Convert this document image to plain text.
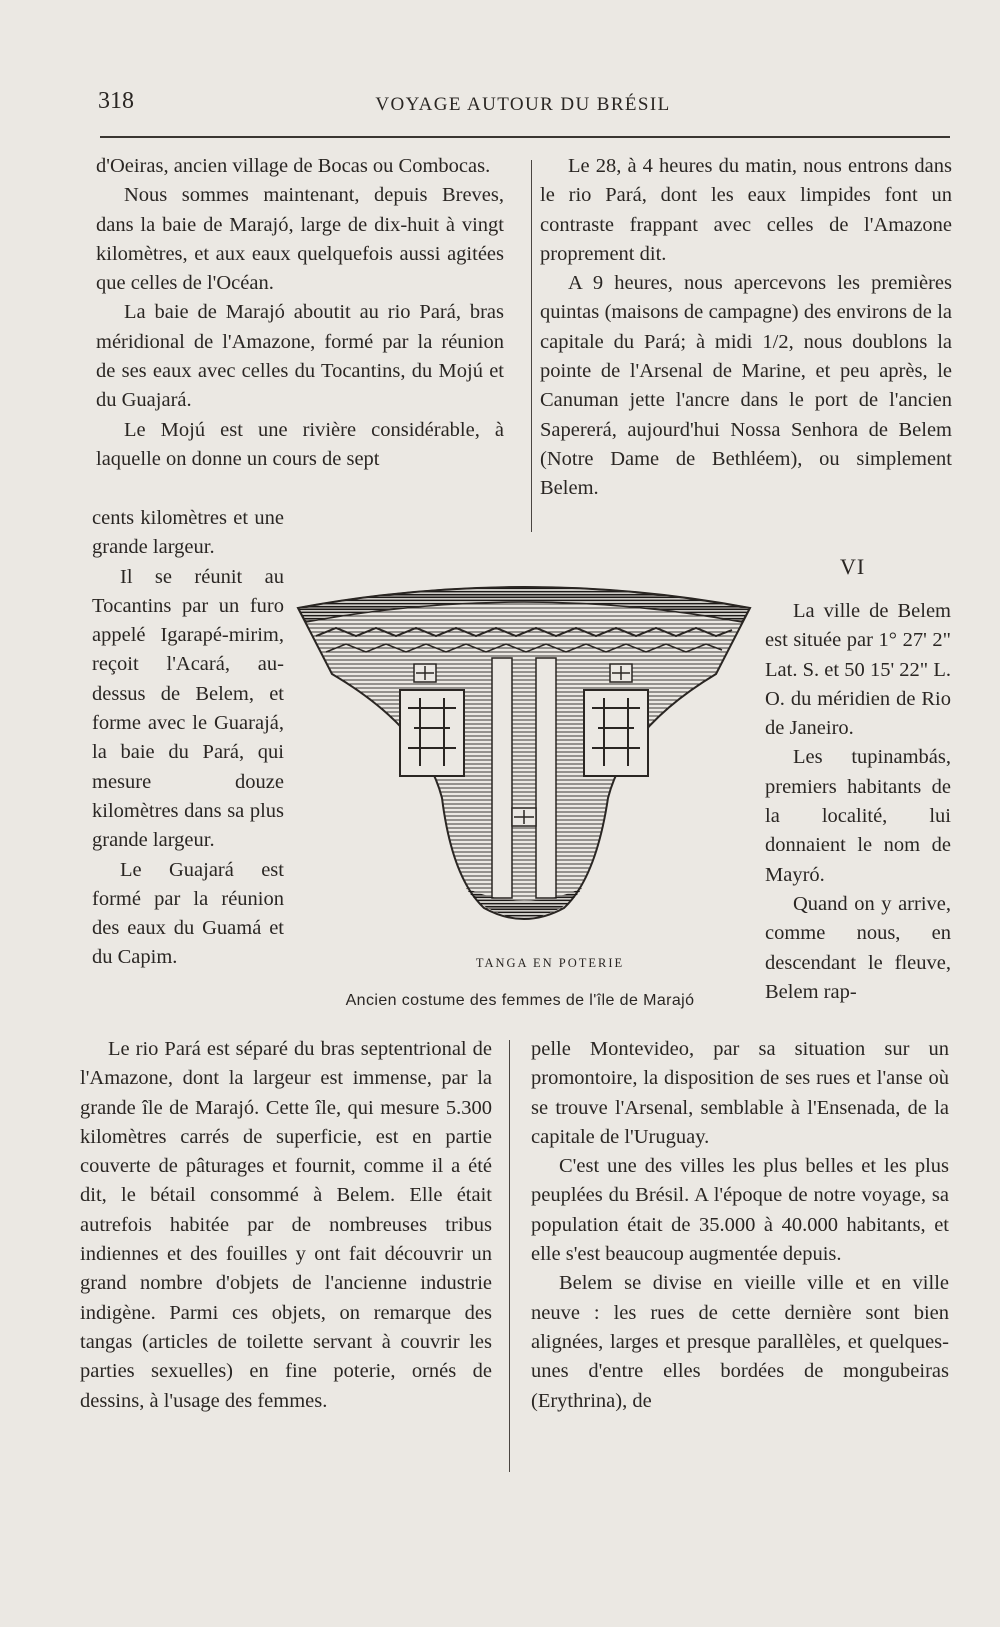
318	VOYAGE AUTOUR DU BRÉSIL

d'Oeiras, ancien village de Bocas ou Combocas.
Nous sommes maintenant, depuis Breves, dans la baie de Marajó, large de dix-huit à vingt kilomètres, et aux eaux quelquefois aussi agitées que celles de l'Océan.
La baie de Marajó aboutit au rio Pará, bras méridional de l'Amazone, formé par la réunion de ses eaux avec celles du Tocantins, du Mojú et du Guajará.
Le Mojú est une rivière considérable, à laquelle on donne un cours de sept

cents kilomètres et une grande largeur.
Il se réunit au Tocantins par un furo appelé Igarapé-mirim, reçoit l'Acará, au-dessus de Belem, et forme avec le Guarajá, la baie du Pará, qui mesure douze kilomètres dans sa plus grande largeur.
Le Guajará est formé par la réunion des eaux du Guamá et du Capim.

Le rio Pará est séparé du bras septentrional de l'Amazone, dont la largeur est immense, par la grande île de Marajó. Cette île, qui mesure 5.300 kilomètres carrés de superficie, est en partie couverte de pâturages et fournit, comme il a été dit, le bétail consommé à Belem. Elle était autrefois habitée par de nombreuses tribus indiennes et des fouilles y ont fait découvrir un grand nombre d'objets de l'ancienne industrie indigène. Parmi ces objets, on remarque des tangas (articles de toilette servant à couvrir les parties sexuelles) en fine poterie, ornés de dessins, à l'usage des femmes.

Le 28, à 4 heures du matin, nous entrons dans le rio Pará, dont les eaux limpides font un contraste frappant avec celles de l'Amazone proprement dit.
A 9 heures, nous apercevons les premières quintas (maisons de campagne) des environs de la capitale du Pará; à midi 1/2, nous doublons la pointe de l'Arsenal de Marine, et peu après, le Canuman jette l'ancre dans le port de l'ancien Sapererá, aujourd'hui Nossa Senhora de Belem (Notre Dame de Bethléem), ou simplement Belem.

VI

La ville de Belem est située par 1° 27' 2" Lat. S. et 50 15' 22" L. O. du méridien de Rio de Janeiro.
Les tupinambás, premiers habitants de la localité, lui donnaient le nom de Mayró.
Quand on y arrive, comme nous, en descendant le fleuve, Belem rap-

pelle Montevideo, par sa situation sur un promontoire, la disposition de ses rues et l'anse où se trouve l'Arsenal, semblable à l'Ensenada, de la capitale de l'Uruguay.
C'est une des villes les plus belles et les plus peuplées du Brésil. A l'époque de notre voyage, sa population était de 35.000 à 40.000 habitants, et elle s'est beaucoup augmentée depuis.
Belem se divise en vieille ville et en ville neuve : les rues de cette dernière sont bien alignées, larges et presque parallèles, et quelques-unes d'entre elles bordées de mongubeiras (Erythrina), de

TANGA EN POTERIE
Ancien costume des femmes de l'île de Marajó
